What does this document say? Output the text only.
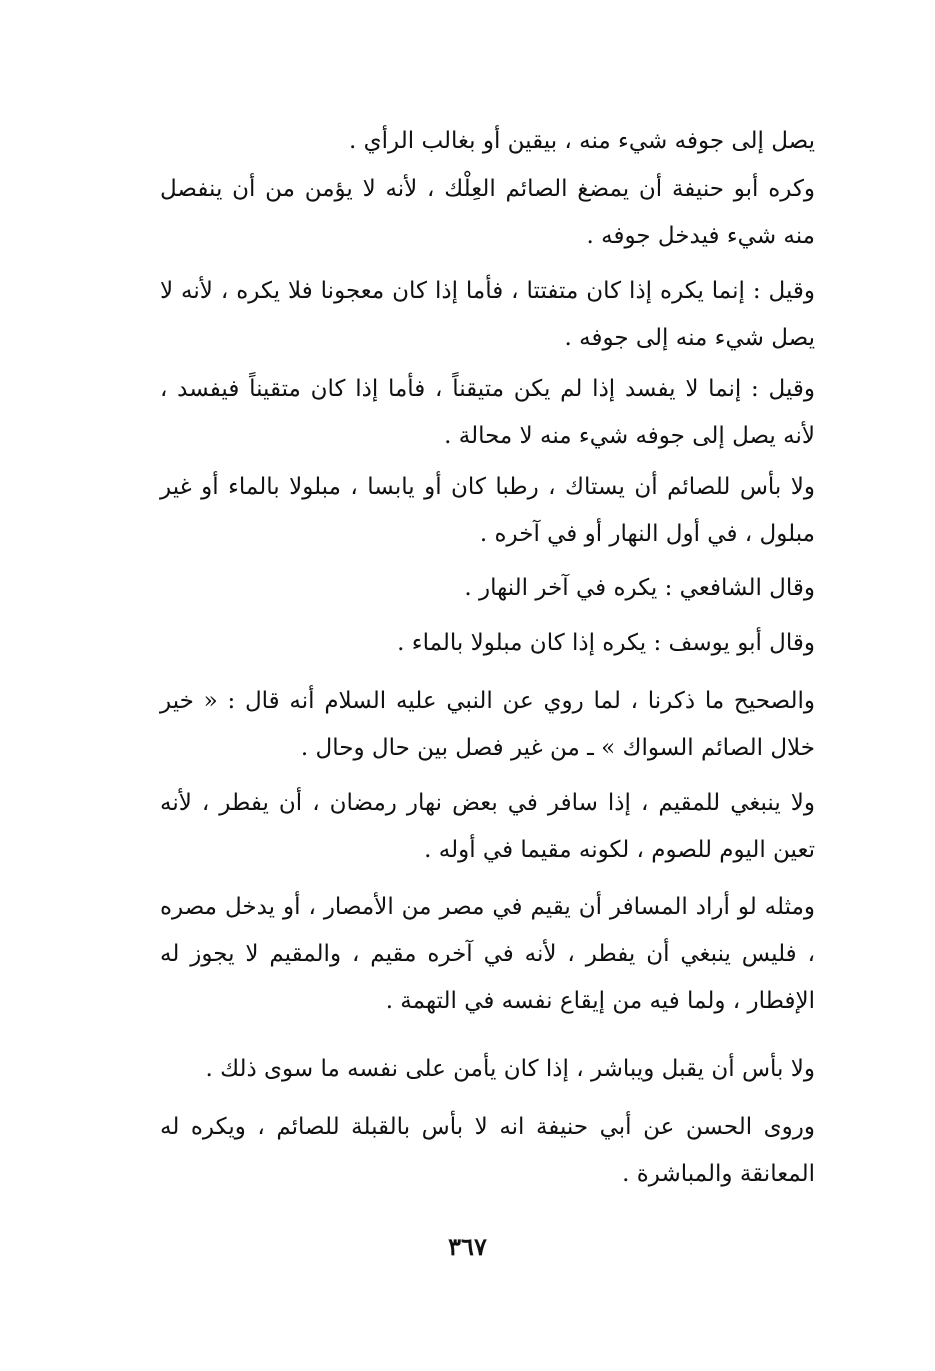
يصل إلى جوفه شيء منه ، بيقين أو بغالب الرأي .

وكره أبو حنيفة أن يمضغ الصائم العِلْك ، لأنه لا يؤمن من أن ينفصل منه شيء فيدخل جوفه .

وقيل : إنما يكره إذا كان متفتتا ، فأما إذا كان معجونا فلا يكره ، لأنه لا يصل شيء منه إلى جوفه .

وقيل : إنما لا يفسد إذا لم يكن متيقناً ، فأما إذا كان متقيناً فيفسد ، لأنه يصل إلى جوفه شيء منه لا محالة .

ولا بأس للصائم أن يستاك ، رطبا كان أو يابسا ، مبلولا بالماء أو غير مبلول ، في أول النهار أو في آخره .

وقال الشافعي : يكره في آخر النهار .

وقال أبو يوسف : يكره إذا كان مبلولا بالماء .

والصحيح ما ذكرنا ، لما روي عن النبي عليه السلام أنه قال : « خير خلال الصائم السواك » ـ من غير فصل بين حال وحال .

ولا ينبغي للمقيم ، إذا سافر في بعض نهار رمضان ، أن يفطر ، لأنه تعين اليوم للصوم ، لكونه مقيما في أوله .

ومثله لو أراد المسافر أن يقيم في مصر من الأمصار ، أو يدخل مصره ، فليس ينبغي أن يفطر ، لأنه في آخره مقيم ، والمقيم لا يجوز له الإفطار ، ولما فيه من إيقاع نفسه في التهمة .

ولا بأس أن يقبل ويباشر ، إذا كان يأمن على نفسه ما سوى ذلك .

وروى الحسن عن أبي حنيفة انه لا بأس بالقبلة للصائم ، ويكره له المعانقة والمباشرة .

٣٦٧
